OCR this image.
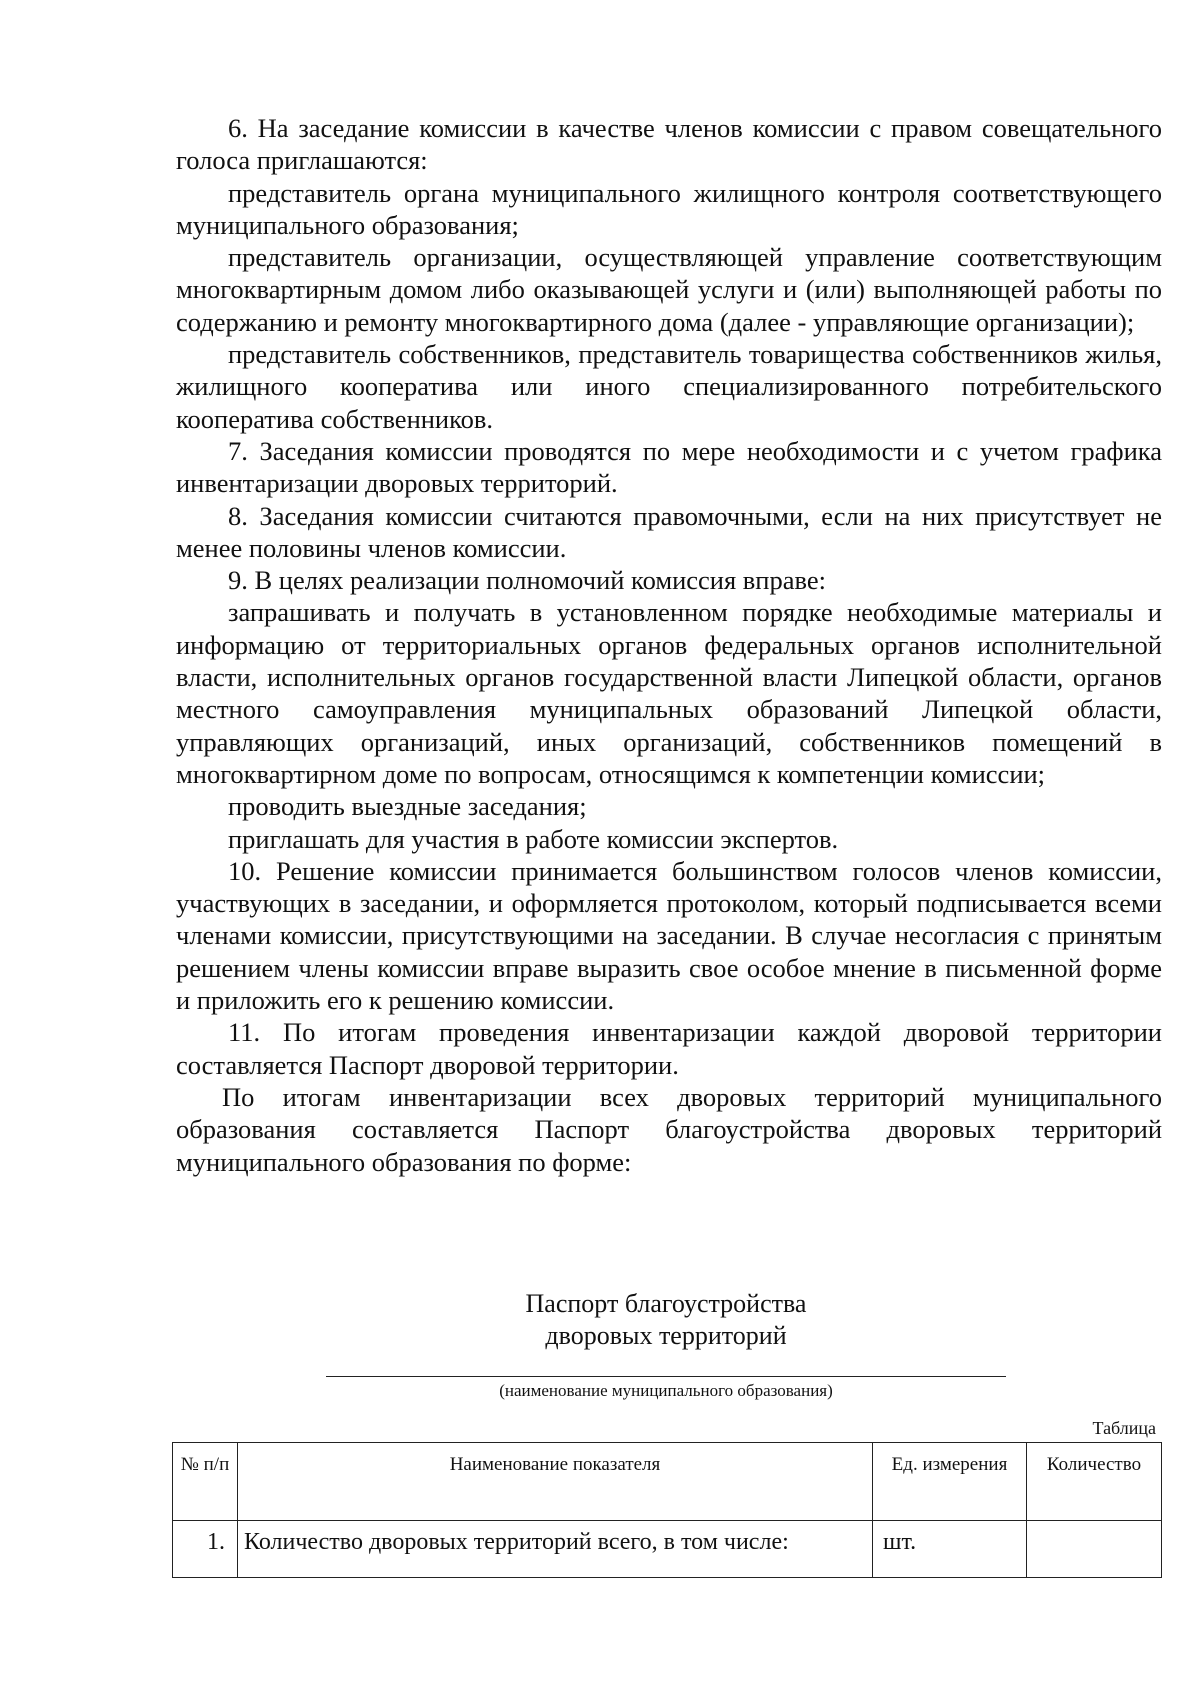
6. На заседание комиссии в качестве членов комиссии с правом совещательного голоса приглашаются:

представитель органа муниципального жилищного контроля соответствующего муниципального образования;

представитель организации, осуществляющей управление соответствующим многоквартирным домом либо оказывающей услуги и (или) выполняющей работы по содержанию и ремонту многоквартирного дома (далее - управляющие организации);

представитель собственников, представитель товарищества собственников жилья, жилищного кооператива или иного специализированного потребительского кооператива собственников.

7. Заседания комиссии проводятся по мере необходимости и с учетом графика инвентаризации дворовых территорий.

8. Заседания комиссии считаются правомочными, если на них присутствует не менее половины членов комиссии.

9. В целях реализации полномочий комиссия вправе:

запрашивать и получать в установленном порядке необходимые материалы и информацию от территориальных органов федеральных органов исполнительной власти, исполнительных органов государственной власти Липецкой области, органов местного самоуправления муниципальных образований Липецкой области, управляющих организаций, иных организаций, собственников помещений в многоквартирном доме по вопросам, относящимся к компетенции комиссии;

проводить выездные заседания;

приглашать для участия в работе комиссии экспертов.

10. Решение комиссии принимается большинством голосов членов комиссии, участвующих в заседании, и оформляется протоколом, который подписывается всеми членами комиссии, присутствующими на заседании. В случае несогласия с принятым решением члены комиссии вправе выразить свое особое мнение в письменной форме и приложить его к решению комиссии.

11. По итогам проведения инвентаризации каждой дворовой территории составляется Паспорт дворовой территории.

По итогам инвентаризации всех дворовых территорий муниципального образования составляется Паспорт благоустройства дворовых территорий муниципального образования по форме:

Паспорт благоустройства
дворовых территорий
(наименование муниципального образования)
Таблица
№ п/п	Наименование показателя	Ед. измерения	Количество
1.	Количество дворовых территорий всего, в том числе:	шт.	
